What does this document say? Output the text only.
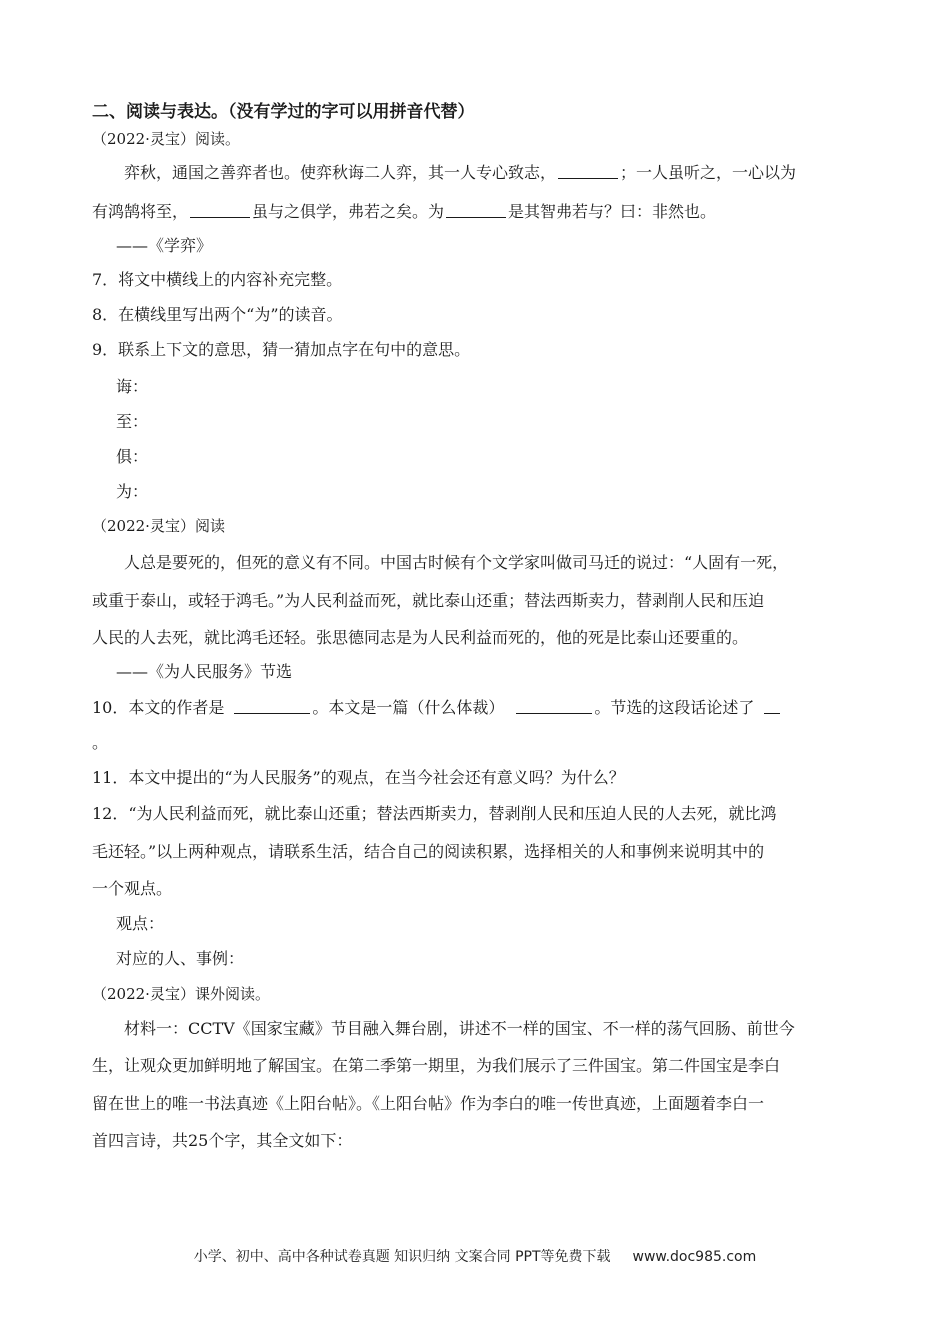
二、阅读与表达。（没有学过的字可以用拼音代替）
（2022·灵宝）阅读。
弈秋，通国之善弈者也。使弈秋诲二人弈，其一人专心致志，	；一人虽听之，一心以为
有鸿鹄将至，	虽与之俱学，弗若之矣。为	是其智弗若与？曰：非然也。
——《学弈》
7．将文中横线上的内容补充完整。
8．在横线里写出两个“为”的读音。
9．联系上下文的意思，猜一猜加点字在句中的意思。
诲：
至：
俱：
为：
（2022·灵宝）阅读
人总是要死的，但死的意义有不同。中国古时候有个文学家叫做司马迁的说过：“人固有一死，
或重于泰山，或轻于鸿毛。”为人民利益而死，就比泰山还重；替法西斯卖力，替剥削人民和压迫
人民的人去死，就比鸿毛还轻。张思德同志是为人民利益而死的，他的死是比泰山还要重的。
——《为人民服务》节选
10．本文的作者是	。本文是一篇（什么体裁）	。节选的这段话论述了
。
11．本文中提出的“为人民服务”的观点，在当今社会还有意义吗？为什么？
12．“为人民利益而死，就比泰山还重；替法西斯卖力，替剥削人民和压迫人民的人去死，就比鸿
毛还轻。”以上两种观点，请联系生活，结合自己的阅读积累，选择相关的人和事例来说明其中的
一个观点。
观点：
对应的人、事例：
（2022·灵宝）课外阅读。
材料一：CCTV《国家宝藏》节目融入舞台剧，讲述不一样的国宝、不一样的荡气回肠、前世今
生，让观众更加鲜明地了解国宝。在第二季第一期里，为我们展示了三件国宝。第二件国宝是李白
留在世上的唯一书法真迹《上阳台帖》。《上阳台帖》作为李白的唯一传世真迹，上面题着李白一
首四言诗，共25个字，其全文如下：
小学、初中、高中各种试卷真题 知识归纳 文案合同 PPT等免费下载 www.doc985.com
